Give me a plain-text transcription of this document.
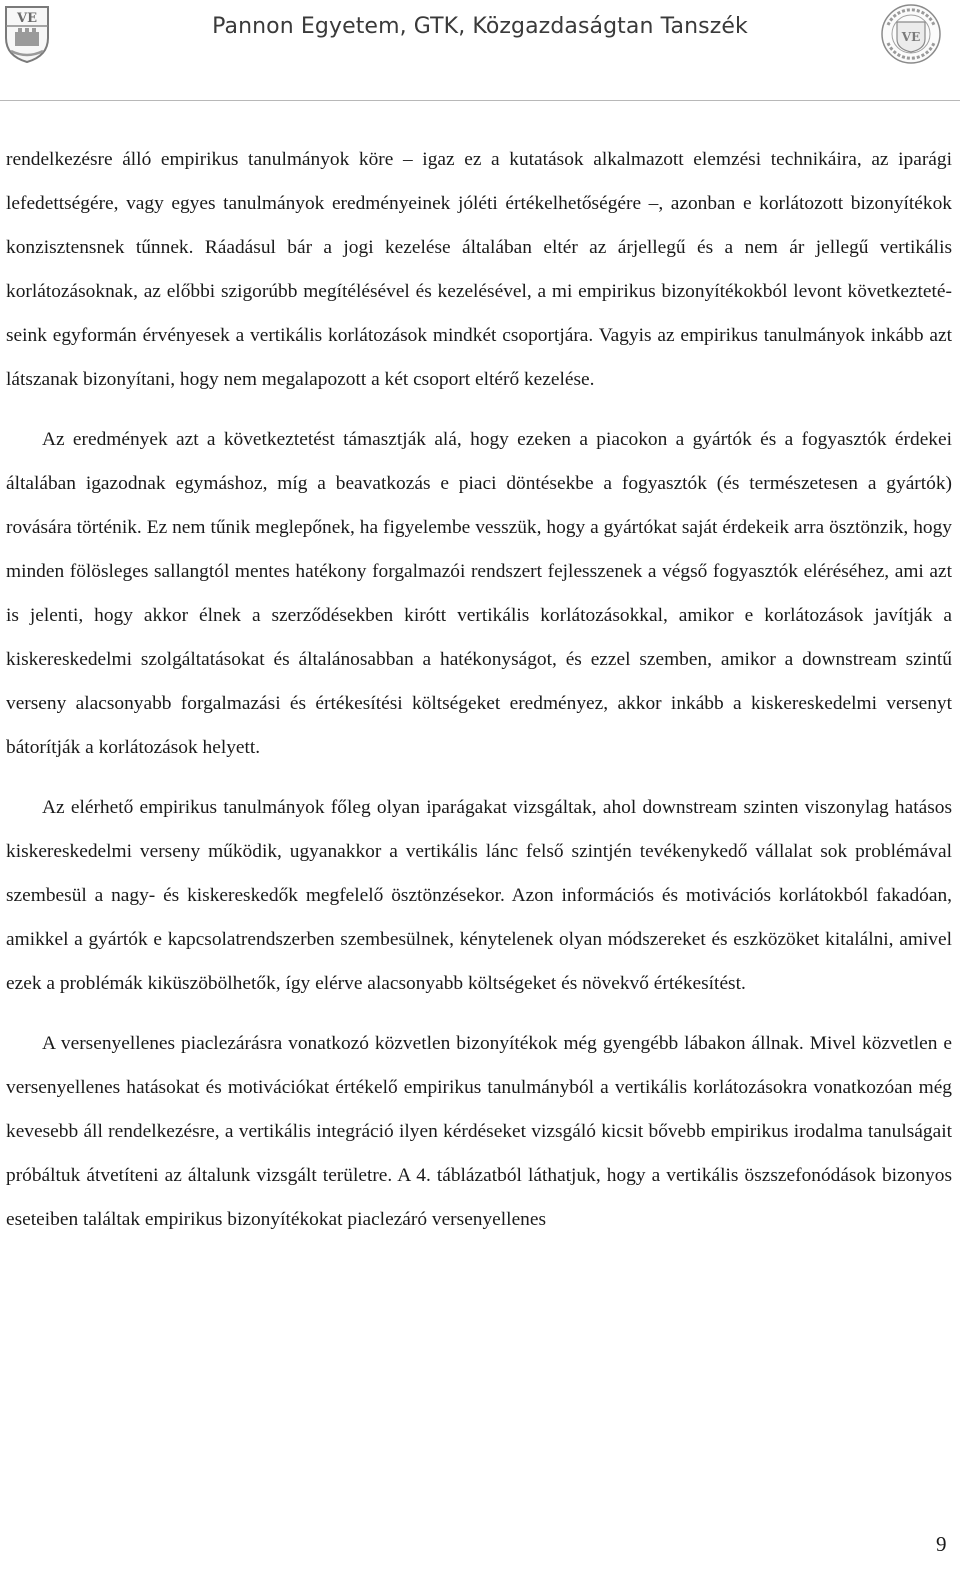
VE	Pannon Egyetem, GTK, Közgazdaságtan Tanszék	VE

rendelkezésre álló empirikus tanulmányok köre – igaz ez a kutatások alkalmazott elemzési technikáira, az iparági lefedettségére, vagy egyes tanulmányok eredményeinek jóléti értékelhetőségére –, azonban e korlátozott bizonyítékok konzisztensnek tűnnek. Ráadásul bár a jogi kezelése általában eltér az árjellegű és a nem ár jellegű vertikális korlátozásoknak, az előbbi szigorúbb megítélésével és kezelésével, a mi empirikus bizonyítékokból levont következtetéseink egyformán érvényesek a vertikális korlátozások mindkét csoportjára. Vagyis az empirikus tanulmányok inkább azt látszanak bizonyítani, hogy nem megalapozott a két csoport eltérő kezelése.

Az eredmények azt a következtetést támasztják alá, hogy ezeken a piacokon a gyártók és a fogyasztók érdekei általában igazodnak egymáshoz, míg a beavatkozás e piaci döntésekbe a fogyasztók (és természetesen a gyártók) rovására történik. Ez nem tűnik meglepőnek, ha figyelembe vesszük, hogy a gyártókat saját érdekeik arra ösztönzik, hogy minden fölösleges sallangtól mentes hatékony forgalmazói rendszert fejlesszenek a végső fogyasztók eléréséhez, ami azt is jelenti, hogy akkor élnek a szerződésekben kirótt vertikális korlátozásokkal, amikor e korlátozások javítják a kiskereskedelmi szolgáltatásokat és általánosabban a hatékonyságot, és ezzel szemben, amikor a downstream szintű verseny alacsonyabb forgalmazási és értékesítési költségeket eredményez, akkor inkább a kiskereskedelmi versenyt bátorítják a korlátozások helyett.

Az elérhető empirikus tanulmányok főleg olyan iparágakat vizsgáltak, ahol downstream szinten viszonylag hatásos kiskereskedelmi verseny működik, ugyanakkor a vertikális lánc felső szintjén tevékenykedő vállalat sok problémával szembesül a nagy- és kiskereskedők megfelelő ösztönzésekor. Azon információs és motivációs korlátokból fakadóan, amikkel a gyártók e kapcsolatrendszerben szembesülnek, kénytelenek olyan módszereket és eszközöket kitalálni, amivel ezek a problémák kiküszöbölhetők, így elérve alacsonyabb költségeket és növekvő értékesítést.

A versenyellenes piaclezárásra vonatkozó közvetlen bizonyítékok még gyengébb lábakon állnak. Mivel közvetlen e versenyellenes hatásokat és motivációkat értékelő empirikus tanulmányból a vertikális korlátozásokra vonatkozóan még kevesebb áll rendelkezésre, a vertikális integráció ilyen kérdéseket vizsgáló kicsit bővebb empirikus irodalma tanulságait próbáltuk átvetíteni az általunk vizsgált területre. A 4. táblázatból láthatjuk, hogy a vertikális öszszefonódások bizonyos eseteiben találtak empirikus bizonyítékokat piaclezáró versenyellenes

9
